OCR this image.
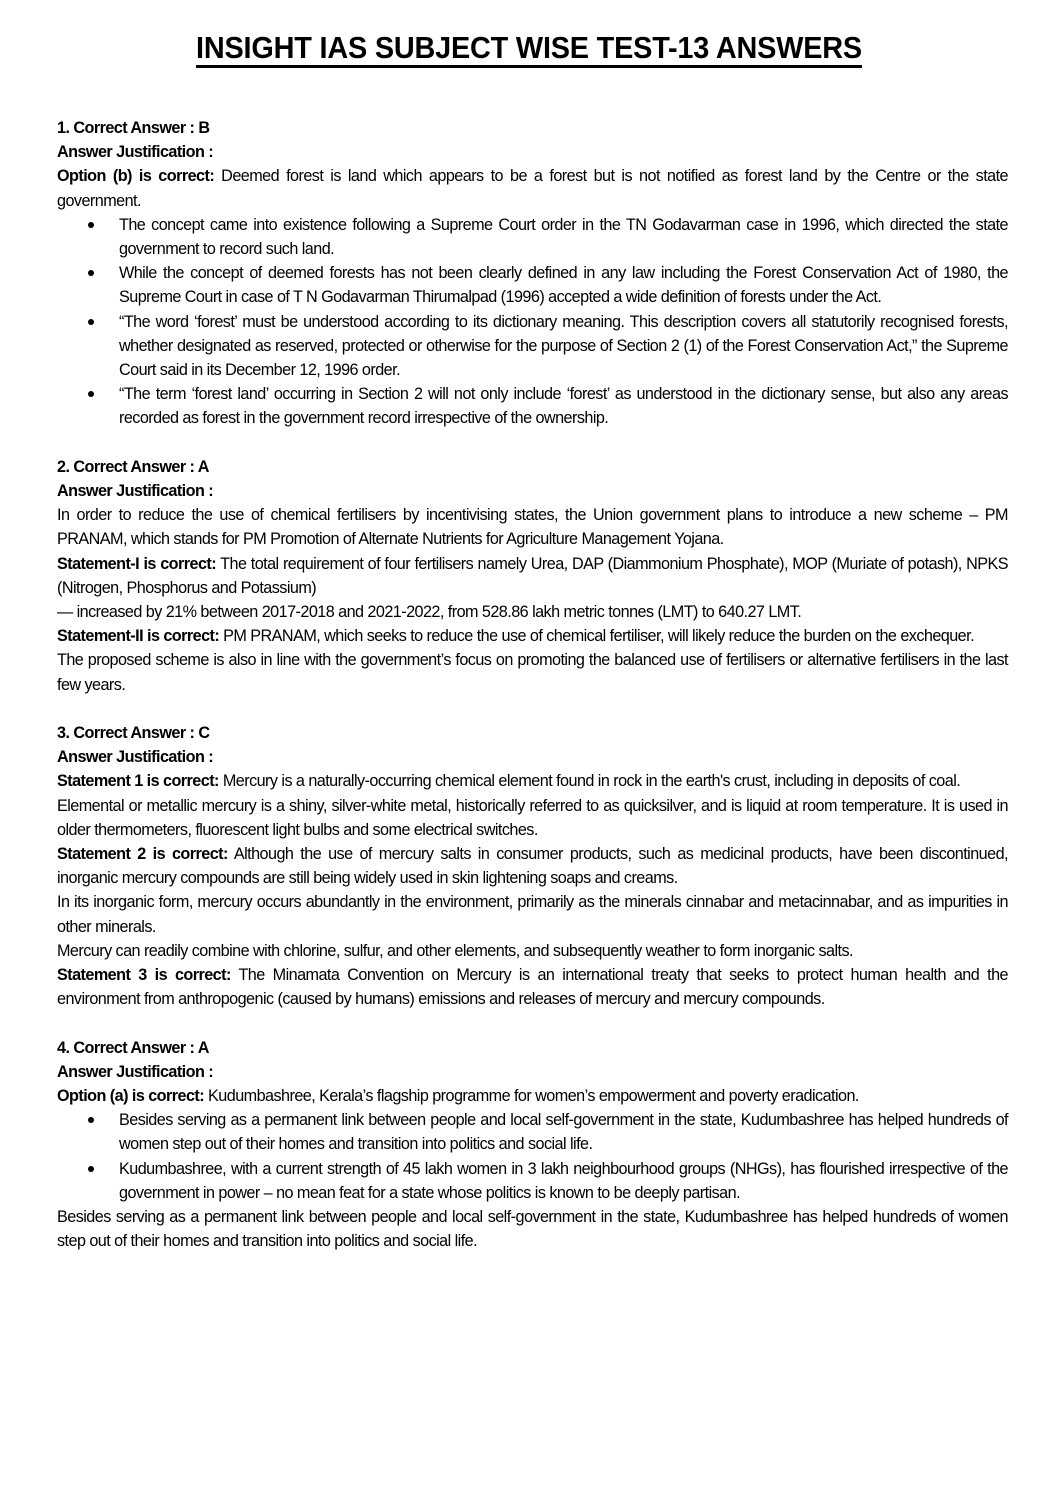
INSIGHT IAS SUBJECT WISE TEST-13 ANSWERS

1. Correct Answer : B

Answer Justification :

Option (b) is correct: Deemed forest is land which appears to be a forest but is not notified as forest land by the Centre or the state government.

The concept came into existence following a Supreme Court order in the TN Godavarman case in 1996, which directed the state government to record such land.
While the concept of deemed forests has not been clearly defined in any law including the Forest Conservation Act of 1980, the Supreme Court in case of T N Godavarman Thirumalpad (1996) accepted a wide definition of forests under the Act.
“The word ‘forest’ must be understood according to its dictionary meaning. This description covers all statutorily recognised forests, whether designated as reserved, protected or otherwise for the purpose of Section 2 (1) of the Forest Conservation Act,” the Supreme Court said in its December 12, 1996 order.
“The term ‘forest land’ occurring in Section 2 will not only include ‘forest’ as understood in the dictionary sense, but also any areas recorded as forest in the government record irrespective of the ownership.

2. Correct Answer : A

Answer Justification :

In order to reduce the use of chemical fertilisers by incentivising states, the Union government plans to introduce a new scheme – PM PRANAM, which stands for PM Promotion of Alternate Nutrients for Agriculture Management Yojana.

Statement-I is correct: The total requirement of four fertilisers namely Urea, DAP (Diammonium Phosphate), MOP (Muriate of potash), NPKS (Nitrogen, Phosphorus and Potassium)

— increased by 21% between 2017-2018 and 2021-2022, from 528.86 lakh metric tonnes (LMT) to 640.27 LMT.

Statement-II is correct: PM PRANAM, which seeks to reduce the use of chemical fertiliser, will likely reduce the burden on the exchequer.

The proposed scheme is also in line with the government’s focus on promoting the balanced use of fertilisers or alternative fertilisers in the last few years.

3. Correct Answer : C

Answer Justification :

Statement 1 is correct: Mercury is a naturally-occurring chemical element found in rock in the earth's crust, including in deposits of coal.

Elemental or metallic mercury is a shiny, silver-white metal, historically referred to as quicksilver, and is liquid at room temperature. It is used in older thermometers, fluorescent light bulbs and some electrical switches.

Statement 2 is correct: Although the use of mercury salts in consumer products, such as medicinal products, have been discontinued, inorganic mercury compounds are still being widely used in skin lightening soaps and creams.

In its inorganic form, mercury occurs abundantly in the environment, primarily as the minerals cinnabar and metacinnabar, and as impurities in other minerals.

Mercury can readily combine with chlorine, sulfur, and other elements, and subsequently weather to form inorganic salts.

Statement 3 is correct: The Minamata Convention on Mercury is an international treaty that seeks to protect human health and the environment from anthropogenic (caused by humans) emissions and releases of mercury and mercury compounds.

4. Correct Answer : A

Answer Justification :

Option (a) is correct: Kudumbashree, Kerala’s flagship programme for women’s empowerment and poverty eradication.

Besides serving as a permanent link between people and local self-government in the state, Kudumbashree has helped hundreds of women step out of their homes and transition into politics and social life.
Kudumbashree, with a current strength of 45 lakh women in 3 lakh neighbourhood groups (NHGs), has flourished irrespective of the government in power – no mean feat for a state whose politics is known to be deeply partisan.

Besides serving as a permanent link between people and local self-government in the state, Kudumbashree has helped hundreds of women step out of their homes and transition into politics and social life.
